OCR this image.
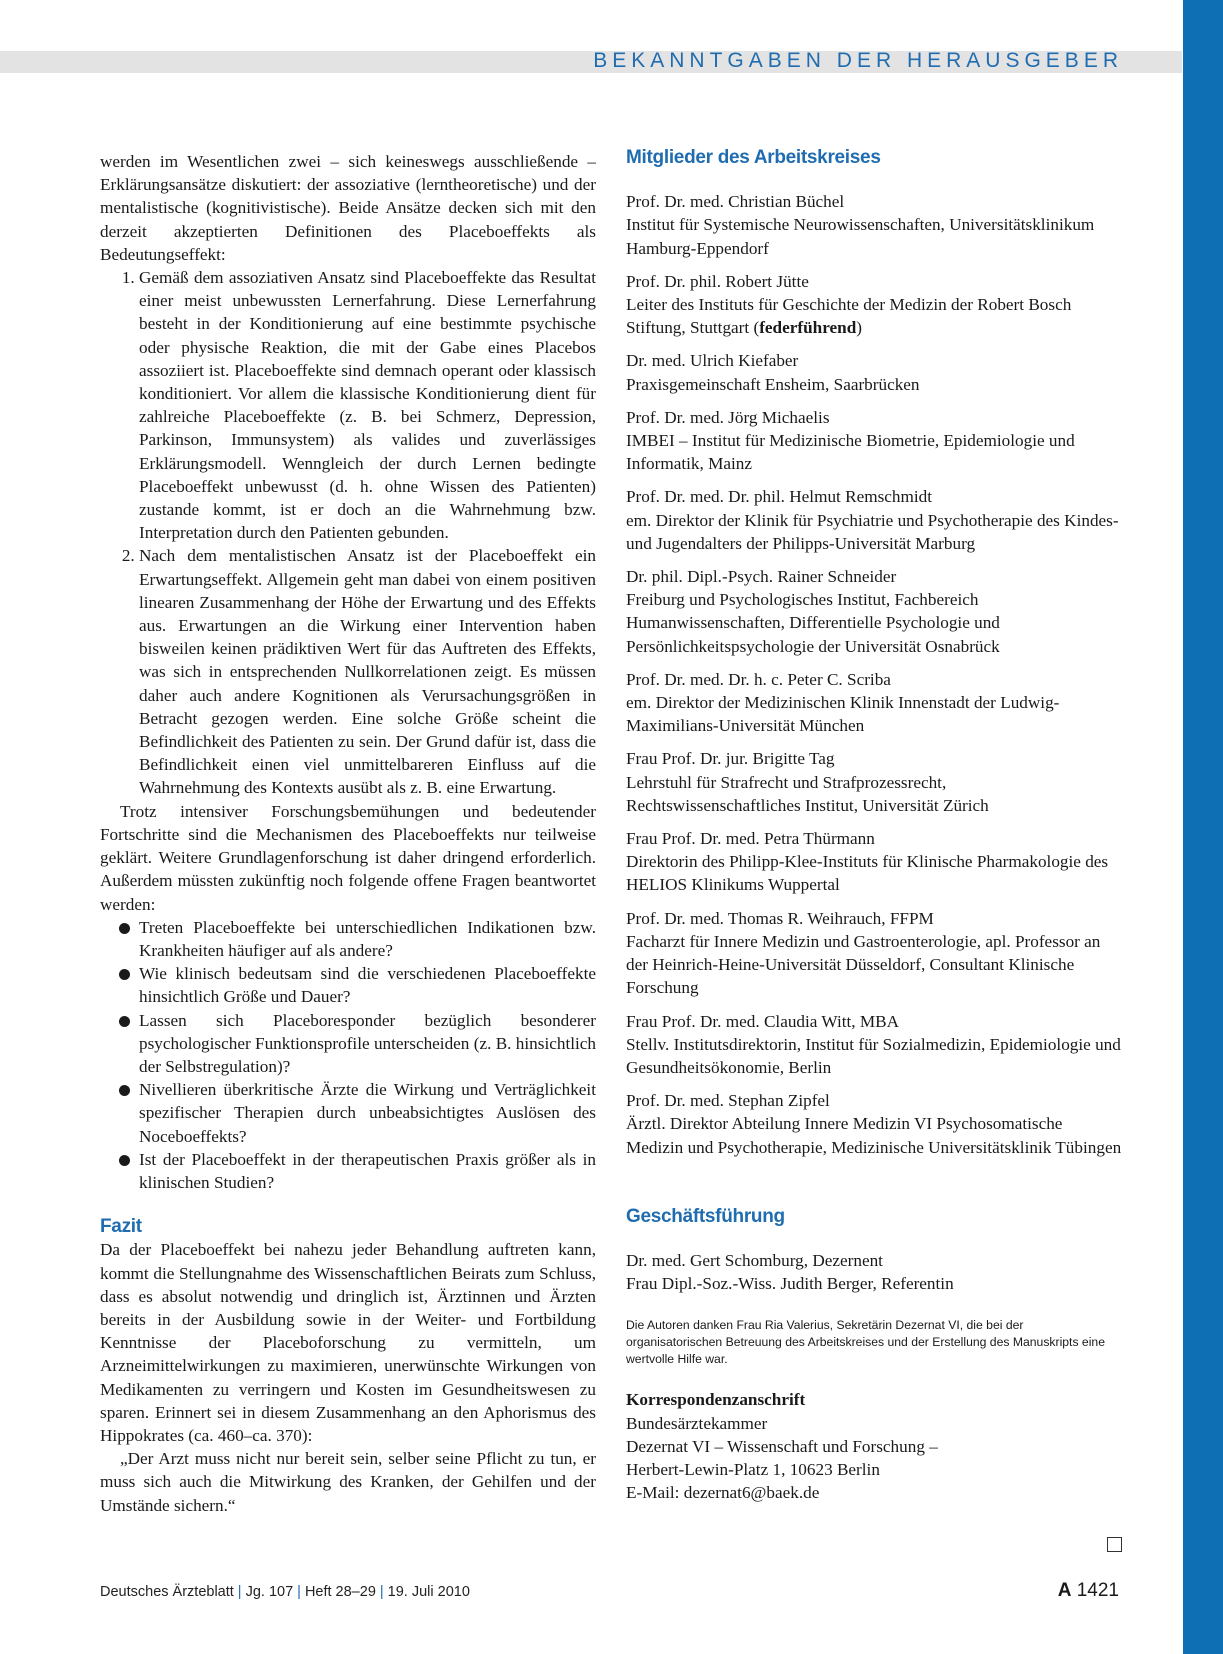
BEKANNTGABEN DER HERAUSGEBER

werden im Wesentlichen zwei – sich keineswegs ausschließende – Erklärungsansätze diskutiert: der assoziative (lerntheoretische) und der mentalistische (kognitivistische). Beide Ansätze decken sich mit den derzeit akzeptierten Definitionen des Placeboeffekts als Bedeutungseffekt:

1. Gemäß dem assoziativen Ansatz sind Placeboeffekte das Resultat einer meist unbewussten Lernerfahrung. Diese Lernerfahrung besteht in der Konditionierung auf eine bestimmte psychische oder physische Reaktion, die mit der Gabe eines Placebos assoziiert ist. Placeboeffekte sind demnach operant oder klassisch konditioniert. Vor allem die klassische Konditionierung dient für zahlreiche Placeboeffekte (z. B. bei Schmerz, Depression, Parkinson, Immunsystem) als valides und zuverlässiges Erklärungsmodell. Wenngleich der durch Lernen bedingte Placeboeffekt unbewusst (d. h. ohne Wissen des Patienten) zustande kommt, ist er doch an die Wahrnehmung bzw. Interpretation durch den Patienten gebunden.
2. Nach dem mentalistischen Ansatz ist der Placeboeffekt ein Erwartungseffekt. Allgemein geht man dabei von einem positiven linearen Zusammenhang der Höhe der Erwartung und des Effekts aus. Erwartungen an die Wirkung einer Intervention haben bisweilen keinen prädiktiven Wert für das Auftreten des Effekts, was sich in entsprechenden Nullkorrelationen zeigt. Es müssen daher auch andere Kognitionen als Verursachungsgrößen in Betracht gezogen werden. Eine solche Größe scheint die Befindlichkeit des Patienten zu sein. Der Grund dafür ist, dass die Befindlichkeit einen viel unmittelbareren Einfluss auf die Wahrnehmung des Kontexts ausübt als z. B. eine Erwartung.

Trotz intensiver Forschungsbemühungen und bedeutender Fortschritte sind die Mechanismen des Placeboeffekts nur teilweise geklärt. Weitere Grundlagenforschung ist daher dringend erforderlich. Außerdem müssten zukünftig noch folgende offene Fragen beantwortet werden:

Treten Placeboeffekte bei unterschiedlichen Indikationen bzw. Krankheiten häufiger auf als andere?
Wie klinisch bedeutsam sind die verschiedenen Placeboeffekte hinsichtlich Größe und Dauer?
Lassen sich Placeboresponder bezüglich besonderer psychologischer Funktionsprofile unterscheiden (z. B. hinsichtlich der Selbstregulation)?
Nivellieren überkritische Ärzte die Wirkung und Verträglichkeit spezifischer Therapien durch unbeabsichtigtes Auslösen des Noceboeffekts?
Ist der Placeboeffekt in der therapeutischen Praxis größer als in klinischen Studien?
Fazit

Da der Placeboeffekt bei nahezu jeder Behandlung auftreten kann, kommt die Stellungnahme des Wissenschaftlichen Beirats zum Schluss, dass es absolut notwendig und dringlich ist, Ärztinnen und Ärzten bereits in der Ausbildung sowie in der Weiter- und Fortbildung Kenntnisse der Placeboforschung zu vermitteln, um Arzneimittelwirkungen zu maximieren, unerwünschte Wirkungen von Medikamenten zu verringern und Kosten im Gesundheitswesen zu sparen. Erinnert sei in diesem Zusammenhang an den Aphorismus des Hippokrates (ca. 460–ca. 370):

„Der Arzt muss nicht nur bereit sein, selber seine Pflicht zu tun, er muss sich auch die Mitwirkung des Kranken, der Gehilfen und der Umstände sichern.“

Mitglieder des Arbeitskreises
Prof. Dr. med. Christian Büchel
Institut für Systemische Neurowissenschaften, Universitätsklinikum Hamburg-Eppendorf
Prof. Dr. phil. Robert Jütte
Leiter des Instituts für Geschichte der Medizin der Robert Bosch Stiftung, Stuttgart (federführend)
Dr. med. Ulrich Kiefaber
Praxisgemeinschaft Ensheim, Saarbrücken
Prof. Dr. med. Jörg Michaelis
IMBEI – Institut für Medizinische Biometrie, Epidemiologie und Informatik, Mainz
Prof. Dr. med. Dr. phil. Helmut Remschmidt
em. Direktor der Klinik für Psychiatrie und Psychotherapie des Kindes- und Jugendalters der Philipps-Universität Marburg
Dr. phil. Dipl.-Psych. Rainer Schneider
Freiburg und Psychologisches Institut, Fachbereich Humanwissenschaften, Differentielle Psychologie und Persönlichkeitspsychologie der Universität Osnabrück
Prof. Dr. med. Dr. h. c. Peter C. Scriba
em. Direktor der Medizinischen Klinik Innenstadt der Ludwig-Maximilians-Universität München
Frau Prof. Dr. jur. Brigitte Tag
Lehrstuhl für Strafrecht und Strafprozessrecht, Rechtswissenschaftliches Institut, Universität Zürich
Frau Prof. Dr. med. Petra Thürmann
Direktorin des Philipp-Klee-Instituts für Klinische Pharmakologie des HELIOS Klinikums Wuppertal
Prof. Dr. med. Thomas R. Weihrauch, FFPM
Facharzt für Innere Medizin und Gastroenterologie, apl. Professor an der Heinrich-Heine-Universität Düsseldorf, Consultant Klinische Forschung
Frau Prof. Dr. med. Claudia Witt, MBA
Stellv. Institutsdirektorin, Institut für Sozialmedizin, Epidemiologie und Gesundheitsökonomie, Berlin
Prof. Dr. med. Stephan Zipfel
Ärztl. Direktor Abteilung Innere Medizin VI Psychosomatische Medizin und Psychotherapie, Medizinische Universitätsklinik Tübingen
Geschäftsführung
Dr. med. Gert Schomburg, Dezernent
Frau Dipl.-Soz.-Wiss. Judith Berger, Referentin

Die Autoren danken Frau Ria Valerius, Sekretärin Dezernat VI, die bei der organisatorischen Betreuung des Arbeitskreises und der Erstellung des Manuskripts eine wertvolle Hilfe war.

Korrespondenzanschrift
Bundesärztekammer
Dezernat VI – Wissenschaft und Forschung –
Herbert-Lewin-Platz 1, 10623 Berlin
E-Mail: dezernat6@baek.de
Deutsches Ärzteblatt | Jg. 107 | Heft 28–29 | 19. Juli 2010	A 1421
